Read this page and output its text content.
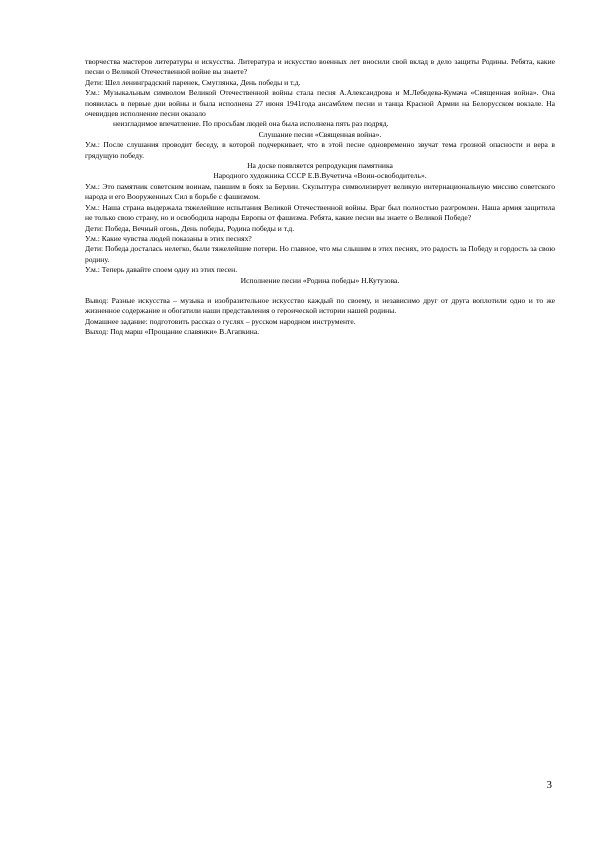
творчества мастеров литературы и искусства. Литература и искусство военных лет вносили свой вклад в дело защиты Родины. Ребята, какие песни о Великой Отечественной войне вы знаете?

Дети: Шел ленинградский паренек, Смуглянка, День победы и т.д.

У.м.: Музыкальным символом Великой Отечественной войны стала песня А.Александрова и М.Лебедева-Кумача «Священная война». Она появилась в первые дни войны и была исполнена 27 июня 1941года ансамблем песни и танца Красной Армии на Белорусском вокзале. На очевидцев исполнение песни оказало

неизгладимое впечатление. По просьбам людей она была исполнена пять раз подряд.

Слушание песни «Священная война».

У.м.: После слушания проводит беседу, в которой подчеркивает, что в этой песне одновременно звучат тема грозной опасности и вера в грядущую победу.

На доске появляется репродукция памятника

Народного художника СССР Е.В.Вучетича «Воин-освободитель».

У.м.: Это памятник советским воинам, павшим в боях за Берлин. Скульптура символизирует великую интернациональную миссию советского народа и его Вооруженных Сил в борьбе с фашизмом.

У.м.: Наша страна выдержала тяжелейшие испытания Великой Отечественной войны. Враг был полностью разгромлен. Наша армия защитила не только свою страну, но и освободила народы Европы от фашизма. Ребята, какие песни вы знаете о Великой Победе?

Дети: Победа, Вечный огонь, День победы, Родина победы и т.д.

У.м.: Какие чувства людей показаны в этих песнях?

Дети: Победа досталась нелегко, были тяжелейшие потери. Но главное, что мы слышим в этих песнях, это радость за Победу и гордость за свою родину.

У.м.: Теперь давайте споем одну из этих песен.

Исполнение песни «Родина победы» Н.Кутузова.

Вывод: Разные искусства – музыка и изобразительное искусство каждый по своему, и независимо друг от друга воплотили одно и то же жизненное содержание и обогатили наши представления о героической истории нашей родины.

Домашнее задание: подготовить рассказ о гуслях – русском народном инструменте.

Выход: Под марш «Прощание славянки» В.Агапкина.

3
